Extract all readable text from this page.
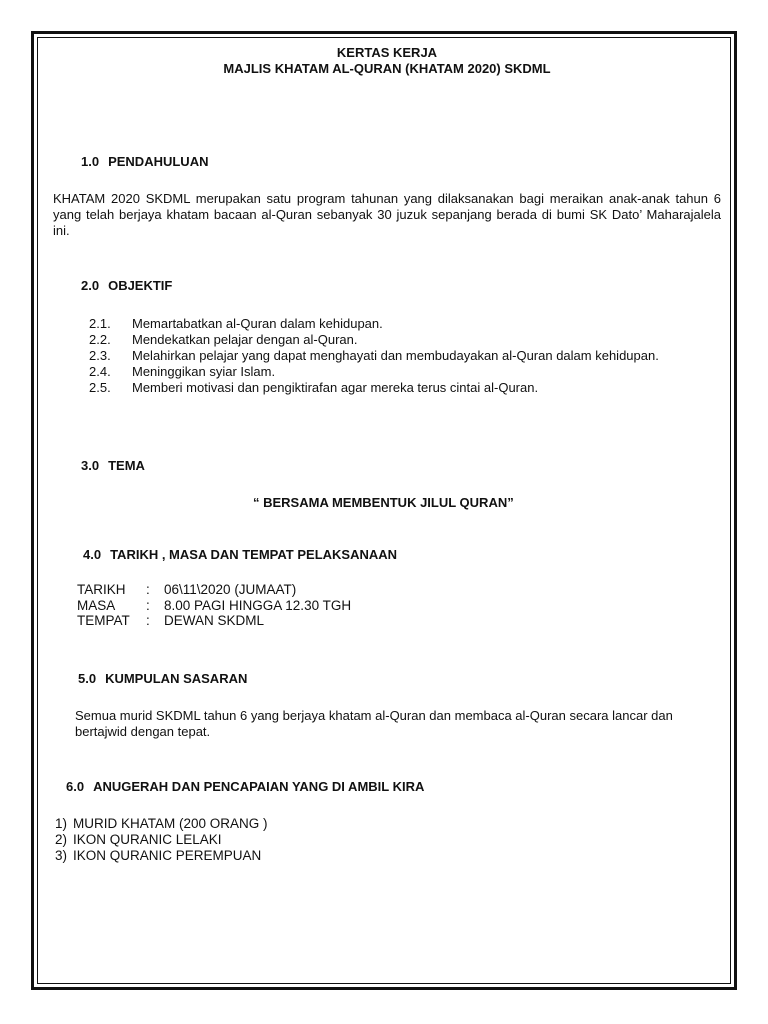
KERTAS KERJA
MAJLIS KHATAM AL-QURAN (KHATAM 2020) SKDML
1.0 PENDAHULUAN
KHATAM 2020 SKDML merupakan satu program tahunan yang dilaksanakan bagi meraikan anak-anak tahun 6 yang telah berjaya khatam bacaan al-Quran sebanyak 30 juzuk sepanjang berada di bumi SK Dato’ Maharajalela ini.
2.0 OBJEKTIF
2.1. Memartabatkan al-Quran dalam kehidupan.
2.2. Mendekatkan pelajar dengan al-Quran.
2.3. Melahirkan pelajar yang dapat menghayati dan membudayakan al-Quran dalam kehidupan.
2.4. Meninggikan syiar Islam.
2.5. Memberi motivasi dan pengiktirafan agar mereka terus cintai al-Quran.
3.0 TEMA
“ BERSAMA MEMBENTUK JILUL QURAN”
4.0 TARIKH , MASA DAN TEMPAT PELAKSANAAN
TARIKH : 06\11\2020 (JUMAAT)
MASA : 8.00 PAGI HINGGA 12.30 TGH
TEMPAT : DEWAN SKDML
5.0 KUMPULAN SASARAN
Semua murid SKDML tahun 6 yang berjaya khatam al-Quran dan membaca al-Quran secara lancar dan bertajwid dengan tepat.
6.0 ANUGERAH DAN PENCAPAIAN YANG DI AMBIL KIRA
1) MURID KHATAM (200 ORANG )
2) IKON QURANIC LELAKI
3) IKON QURANIC PEREMPUAN
